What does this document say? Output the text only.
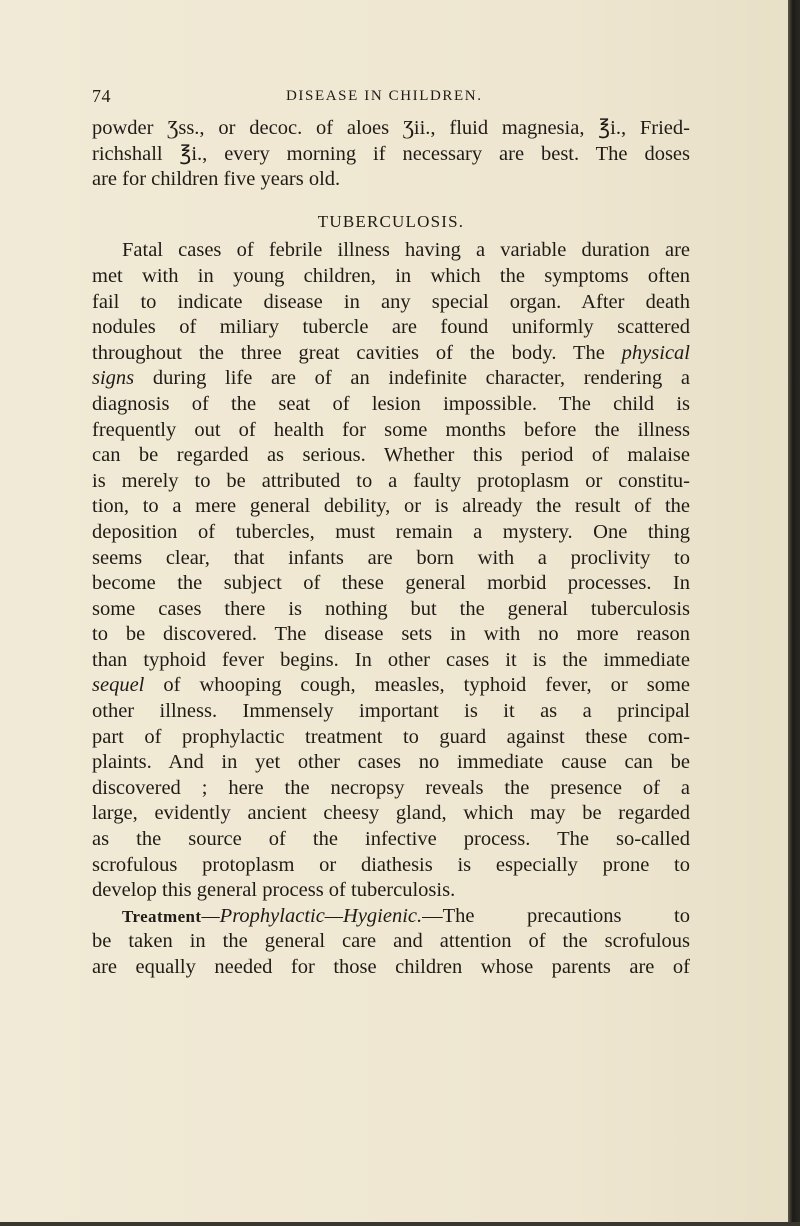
74	DISEASE IN CHILDREN.
powder Ʒss., or decoc. of aloes Ʒii., fluid magnesia, ℥i., Fried-
richshall ℥i., every morning if necessary are best. The doses
are for children five years old.
TUBERCULOSIS.
Fatal cases of febrile illness having a variable duration are
met with in young children, in which the symptoms often
fail to indicate disease in any special organ. After death
nodules of miliary tubercle are found uniformly scattered
throughout the three great cavities of the body. The physical
signs during life are of an indefinite character, rendering a
diagnosis of the seat of lesion impossible. The child is
frequently out of health for some months before the illness
can be regarded as serious. Whether this period of malaise
is merely to be attributed to a faulty protoplasm or constitu-
tion, to a mere general debility, or is already the result of the
deposition of tubercles, must remain a mystery. One thing
seems clear, that infants are born with a proclivity to
become the subject of these general morbid processes. In
some cases there is nothing but the general tuberculosis
to be discovered. The disease sets in with no more reason
than typhoid fever begins. In other cases it is the immediate
sequel of whooping cough, measles, typhoid fever, or some
other illness. Immensely important is it as a principal
part of prophylactic treatment to guard against these com-
plaints. And in yet other cases no immediate cause can be
discovered ; here the necropsy reveals the presence of a
large, evidently ancient cheesy gland, which may be regarded
as the source of the infective process. The so-called
scrofulous protoplasm or diathesis is especially prone to
develop this general process of tuberculosis.
Treatment—Prophylactic—Hygienic.—The precautions to
be taken in the general care and attention of the scrofulous
are equally needed for those children whose parents are of
